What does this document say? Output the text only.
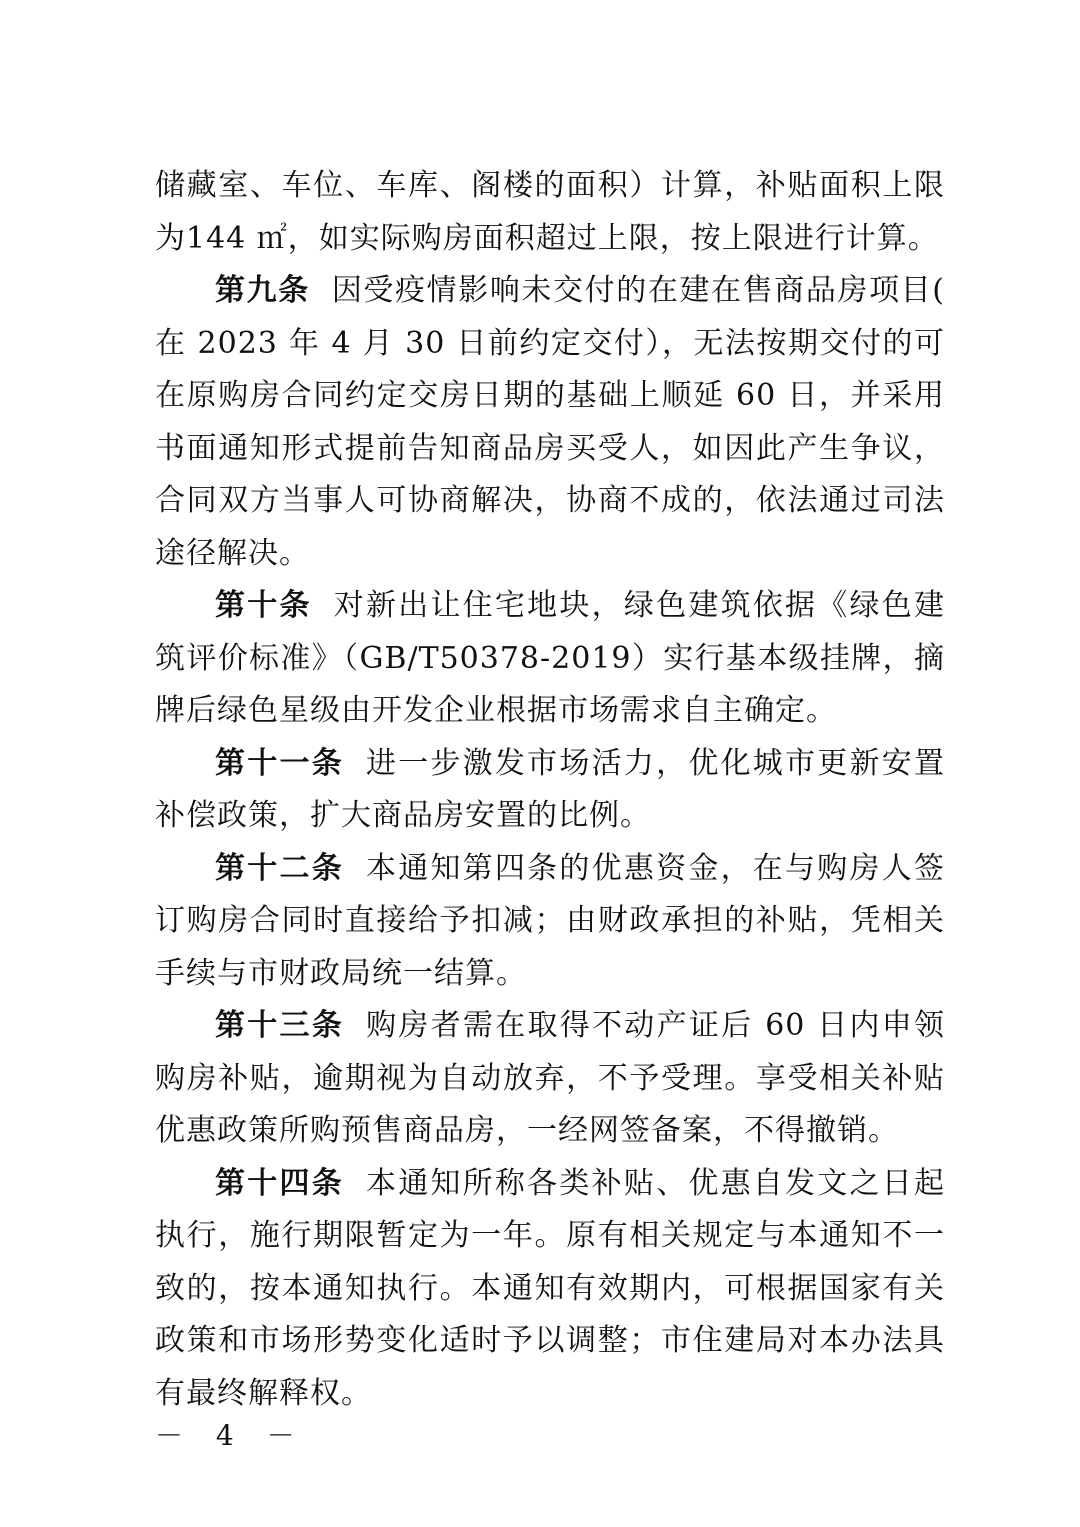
储藏室、车位、车库、阁楼的面积）计算，补贴面积上限为144 ㎡，如实际购房面积超过上限，按上限进行计算。

第九条 因受疫情影响未交付的在建在售商品房项目( 在 2023 年 4 月 30 日前约定交付），无法按期交付的可在原购房合同约定交房日期的基础上顺延 60 日，并采用书面通知形式提前告知商品房买受人，如因此产生争议，合同双方当事人可协商解决，协商不成的，依法通过司法途径解决。

第十条 对新出让住宅地块，绿色建筑依据《绿色建筑评价标准》（GB/T50378-2019）实行基本级挂牌，摘牌后绿色星级由开发企业根据市场需求自主确定。

第十一条 进一步激发市场活力，优化城市更新安置补偿政策，扩大商品房安置的比例。

第十二条 本通知第四条的优惠资金，在与购房人签订购房合同时直接给予扣减；由财政承担的补贴，凭相关手续与市财政局统一结算。

第十三条 购房者需在取得不动产证后 60 日内申领购房补贴，逾期视为自动放弃，不予受理。享受相关补贴优惠政策所购预售商品房，一经网签备案，不得撤销。

第十四条 本通知所称各类补贴、优惠自发文之日起执行，施行期限暂定为一年。原有相关规定与本通知不一致的，按本通知执行。本通知有效期内，可根据国家有关政策和市场形势变化适时予以调整；市住建局对本办法具有最终解释权。

－ 4 －
